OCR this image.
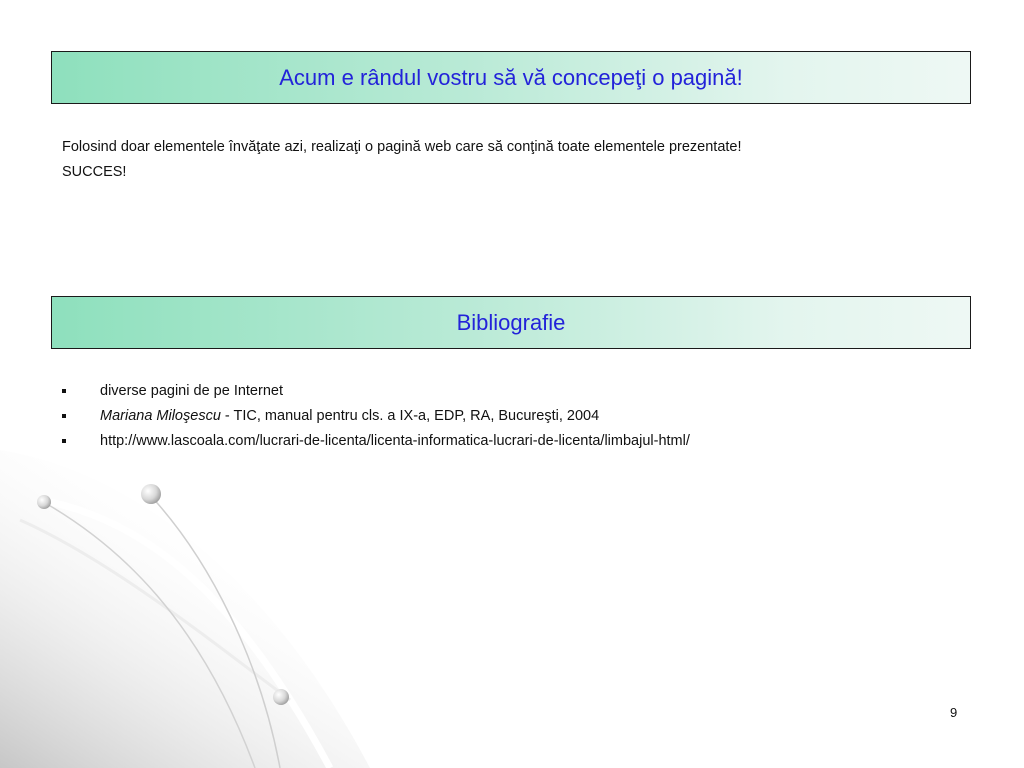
Acum e rândul vostru să vă concepeţi o pagină!
Folosind doar elementele învăţate azi, realizaţi o pagină web care să conţină toate elementele prezentate!
SUCCES!
Bibliografie
diverse pagini de pe Internet
Mariana Miloşescu - TIC, manual pentru cls. a IX-a, EDP, RA, Bucureşti, 2004
http://www.lascoala.com/lucrari-de-licenta/licenta-informatica-lucrari-de-licenta/limbajul-html/
9
